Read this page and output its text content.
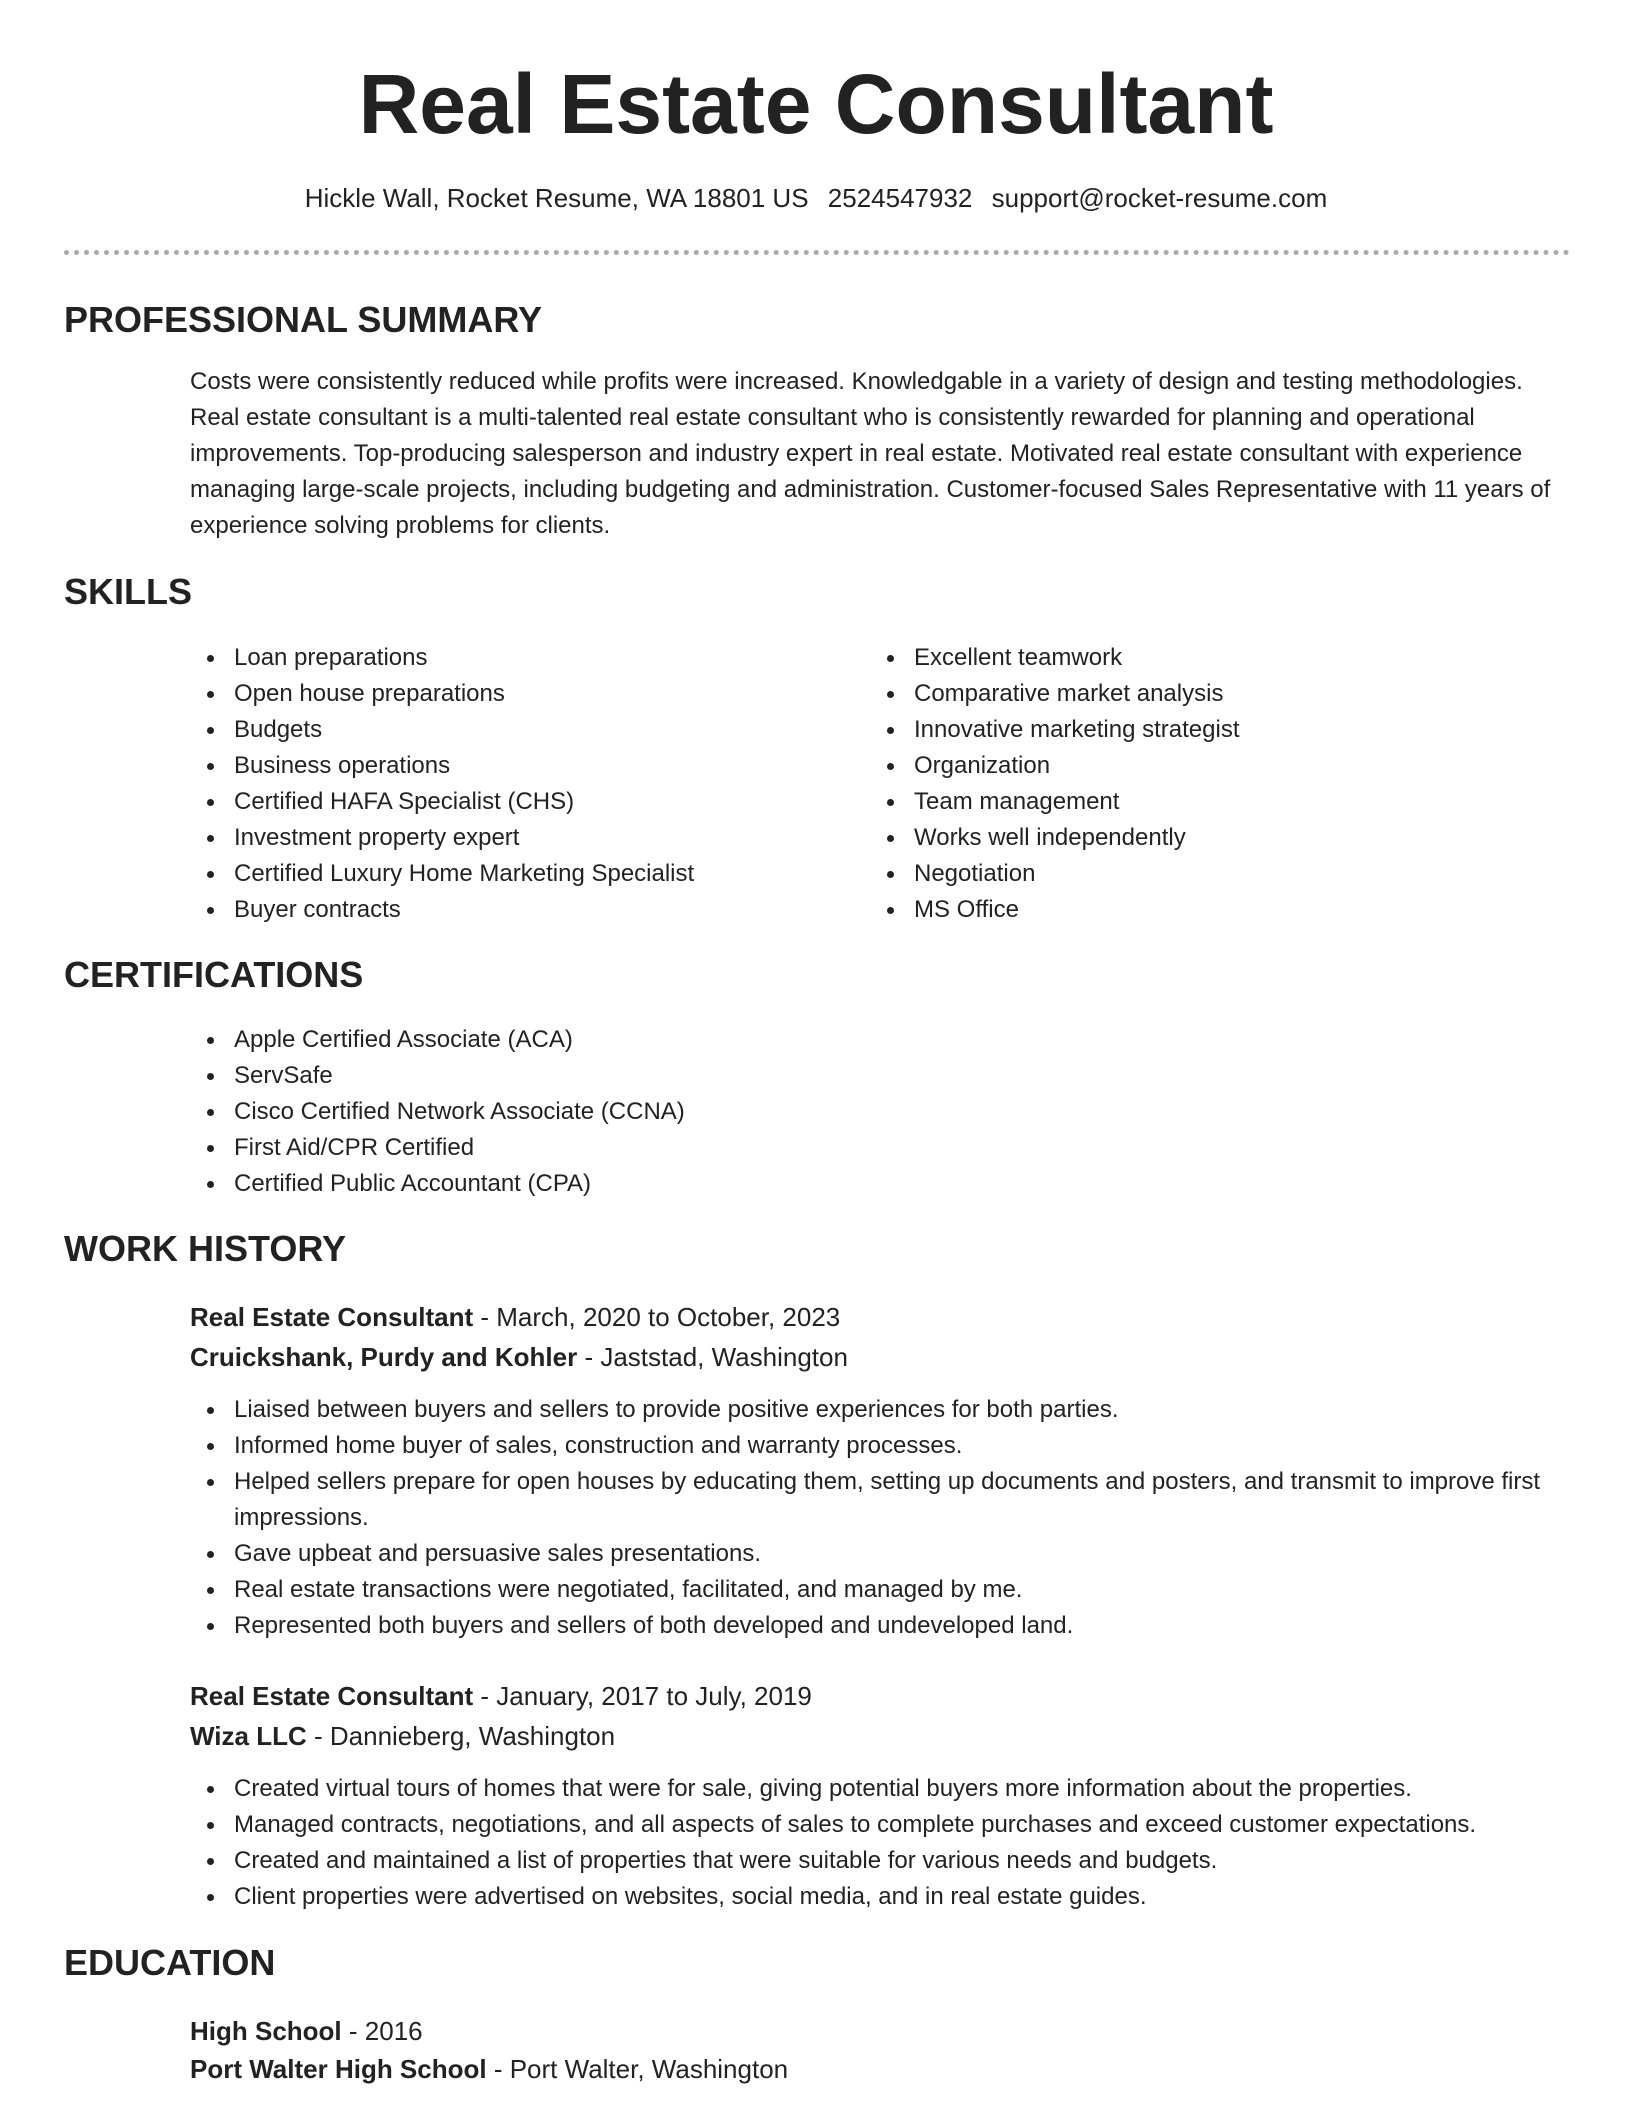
Real Estate Consultant
Hickle Wall, Rocket Resume, WA 18801 US 2524547932 support@rocket-resume.com
PROFESSIONAL SUMMARY
Costs were consistently reduced while profits were increased. Knowledgable in a variety of design and testing methodologies. Real estate consultant is a multi-talented real estate consultant who is consistently rewarded for planning and operational improvements. Top-producing salesperson and industry expert in real estate. Motivated real estate consultant with experience managing large-scale projects, including budgeting and administration. Customer-focused Sales Representative with 11 years of experience solving problems for clients.
SKILLS
Loan preparations
Open house preparations
Budgets
Business operations
Certified HAFA Specialist (CHS)
Investment property expert
Certified Luxury Home Marketing Specialist
Buyer contracts
Excellent teamwork
Comparative market analysis
Innovative marketing strategist
Organization
Team management
Works well independently
Negotiation
MS Office
CERTIFICATIONS
Apple Certified Associate (ACA)
ServSafe
Cisco Certified Network Associate (CCNA)
First Aid/CPR Certified
Certified Public Accountant (CPA)
WORK HISTORY
Real Estate Consultant - March, 2020 to October, 2023
Cruickshank, Purdy and Kohler - Jaststad, Washington
Liaised between buyers and sellers to provide positive experiences for both parties.
Informed home buyer of sales, construction and warranty processes.
Helped sellers prepare for open houses by educating them, setting up documents and posters, and transmit to improve first impressions.
Gave upbeat and persuasive sales presentations.
Real estate transactions were negotiated, facilitated, and managed by me.
Represented both buyers and sellers of both developed and undeveloped land.
Real Estate Consultant - January, 2017 to July, 2019
Wiza LLC - Dannieberg, Washington
Created virtual tours of homes that were for sale, giving potential buyers more information about the properties.
Managed contracts, negotiations, and all aspects of sales to complete purchases and exceed customer expectations.
Created and maintained a list of properties that were suitable for various needs and budgets.
Client properties were advertised on websites, social media, and in real estate guides.
EDUCATION
High School - 2016
Port Walter High School - Port Walter, Washington
